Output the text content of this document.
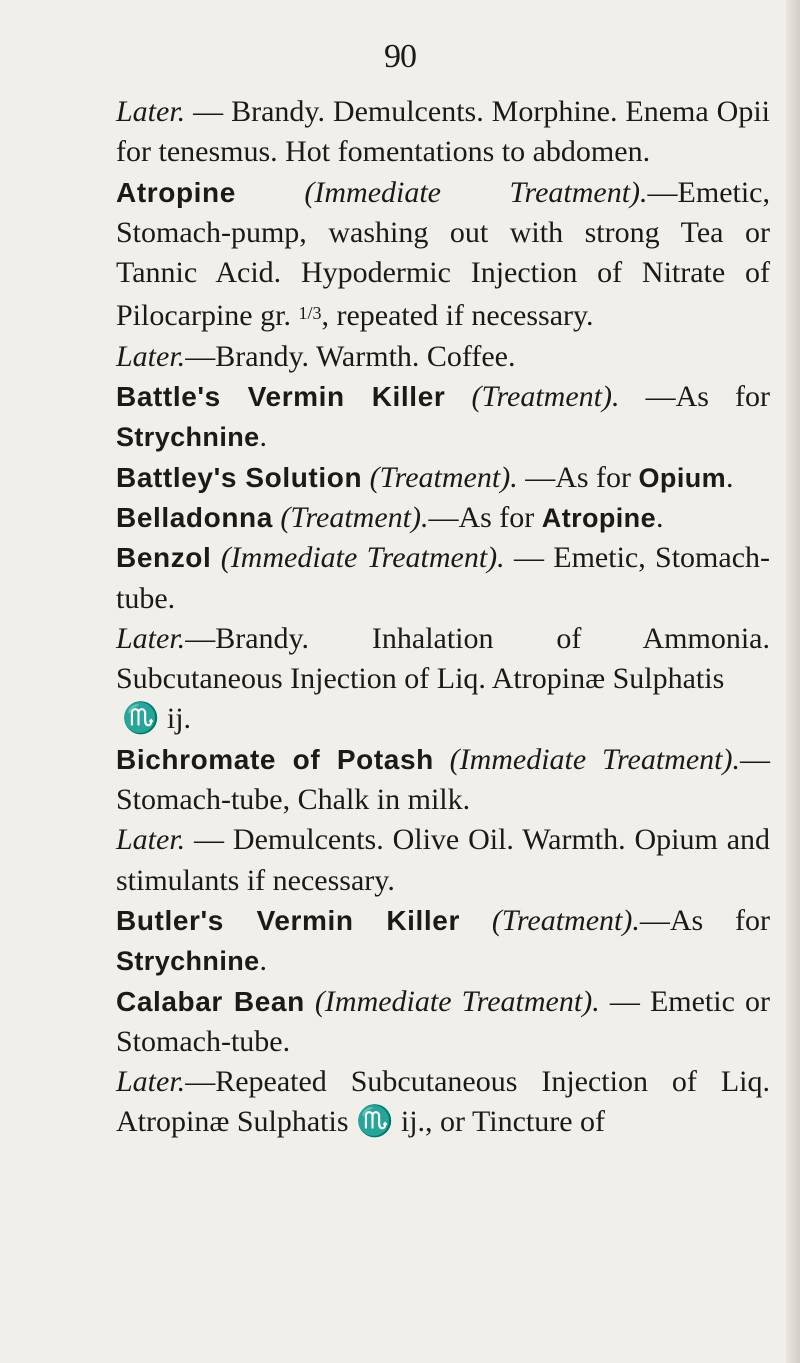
90

Later. — Brandy. Demulcents. Morphine. Enema Opii for tenesmus. Hot fomentations to abdomen.

Atropine (Immediate Treatment).—Emetic, Stomach-pump, washing out with strong Tea or Tannic Acid. Hypodermic Injection of Nitrate of Pilocarpine gr. $^{1/3}$, repeated if necessary.

Later.—Brandy. Warmth. Coffee.

Battle's Vermin Killer (Treatment). —As for Strychnine.

Battley's Solution (Treatment). —As for Opium.

Belladonna (Treatment).—As for Atropine.

Benzol (Immediate Treatment). — Emetic, Stomach-tube.

Later.—Brandy. Inhalation of Ammonia. Subcutaneous Injection of Liq. Atropinæ Sulphatis
♏ ij.

Bichromate of Potash (Immediate Treatment).—Stomach-tube, Chalk in milk.

Later. — Demulcents. Olive Oil. Warmth. Opium and stimulants if necessary.

Butler's Vermin Killer (Treatment).—As for Strychnine.

Calabar Bean (Immediate Treatment). — Emetic or Stomach-tube.

Later.—Repeated Subcutaneous Injection of Liq. Atropinæ Sulphatis ♏ ij., or Tincture of
